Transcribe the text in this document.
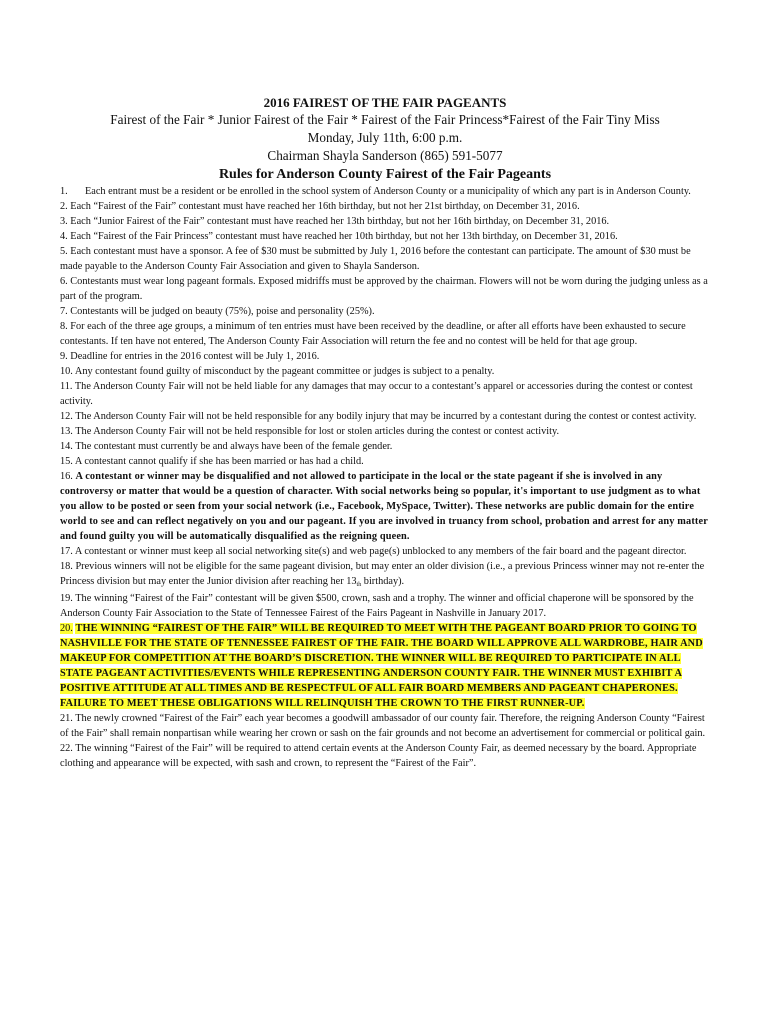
2016 FAIREST OF THE FAIR PAGEANTS
Fairest of the Fair * Junior Fairest of the Fair * Fairest of the Fair Princess*Fairest of the Fair Tiny Miss
Monday, July 11th, 6:00 p.m.
Chairman Shayla Sanderson (865) 591-5077
Rules for Anderson County Fairest of the Fair Pageants
1.	Each entrant must be a resident or be enrolled in the school system of Anderson County or a municipality of which any part is in Anderson County.

2. Each “Fairest of the Fair” contestant must have reached her 16th birthday, but not her 21st birthday, on December 31, 2016.

3. Each “Junior Fairest of the Fair” contestant must have reached her 13th birthday, but not her 16th birthday, on December 31, 2016.

4. Each “Fairest of the Fair Princess” contestant must have reached her 10th birthday, but not her 13th birthday, on December 31, 2016.

5. Each contestant must have a sponsor. A fee of $30 must be submitted by July 1, 2016 before the contestant can participate. The amount of $30 must be made payable to the Anderson County Fair Association and given to Shayla Sanderson.

6. Contestants must wear long pageant formals. Exposed midriffs must be approved by the chairman. Flowers will not be worn during the judging unless as a part of the program.

7. Contestants will be judged on beauty (75%), poise and personality (25%).

8. For each of the three age groups, a minimum of ten entries must have been received by the deadline, or after all efforts have been exhausted to secure contestants. If ten have not entered, The Anderson County Fair Association will return the fee and no contest will be held for that age group.

9. Deadline for entries in the 2016 contest will be July 1, 2016.

10. Any contestant found guilty of misconduct by the pageant committee or judges is subject to a penalty.

11. The Anderson County Fair will not be held liable for any damages that may occur to a contestant’s apparel or accessories during the contest or contest activity.

12. The Anderson County Fair will not be held responsible for any bodily injury that may be incurred by a contestant during the contest or contest activity.

13. The Anderson County Fair will not be held responsible for lost or stolen articles during the contest or contest activity.

14. The contestant must currently be and always have been of the female gender.

15. A contestant cannot qualify if she has been married or has had a child.

16. A contestant or winner may be disqualified and not allowed to participate in the local or the state pageant if she is involved in any controversy or matter that would be a question of character. With social networks being so popular, it's important to use judgment as to what you allow to be posted or seen from your social network (i.e., Facebook, MySpace, Twitter). These networks are public domain for the entire world to see and can reflect negatively on you and our pageant. If you are involved in truancy from school, probation and arrest for any matter and found guilty you will be automatically disqualified as the reigning queen.

17. A contestant or winner must keep all social networking site(s) and web page(s) unblocked to any members of the fair board and the pageant director.

18. Previous winners will not be eligible for the same pageant division, but may enter an older division (i.e., a previous Princess winner may not re-enter the Princess division but may enter the Junior division after reaching her $13_{th}$ birthday).

19. The winning “Fairest of the Fair” contestant will be given $500, crown, sash and a trophy. The winner and official chaperone will be sponsored by the Anderson County Fair Association to the State of Tennessee Fairest of the Fairs Pageant in Nashville in January 2017.

20. THE WINNING “FAIREST OF THE FAIR” WILL BE REQUIRED TO MEET WITH THE PAGEANT BOARD PRIOR TO GOING TO NASHVILLE FOR THE STATE OF TENNESSEE FAIREST OF THE FAIR. THE BOARD WILL APPROVE ALL WARDROBE, HAIR AND MAKEUP FOR COMPETITION AT THE BOARD’S DISCRETION. THE WINNER WILL BE REQUIRED TO PARTICIPATE IN ALL STATE PAGEANT ACTIVITIES/EVENTS WHILE REPRESENTING ANDERSON COUNTY FAIR. THE WINNER MUST EXHIBIT A POSITIVE ATTITUDE AT ALL TIMES AND BE RESPECTFUL OF ALL FAIR BOARD MEMBERS AND PAGEANT CHAPERONES. FAILURE TO MEET THESE OBLIGATIONS WILL RELINQUISH THE CROWN TO THE FIRST RUNNER-UP.

21. The newly crowned “Fairest of the Fair” each year becomes a goodwill ambassador of our county fair. Therefore, the reigning Anderson County “Fairest of the Fair” shall remain nonpartisan while wearing her crown or sash on the fair grounds and not become an advertisement for commercial or political gain.

22. The winning “Fairest of the Fair” will be required to attend certain events at the Anderson County Fair, as deemed necessary by the board. Appropriate clothing and appearance will be expected, with sash and crown, to represent the “Fairest of the Fair”.
